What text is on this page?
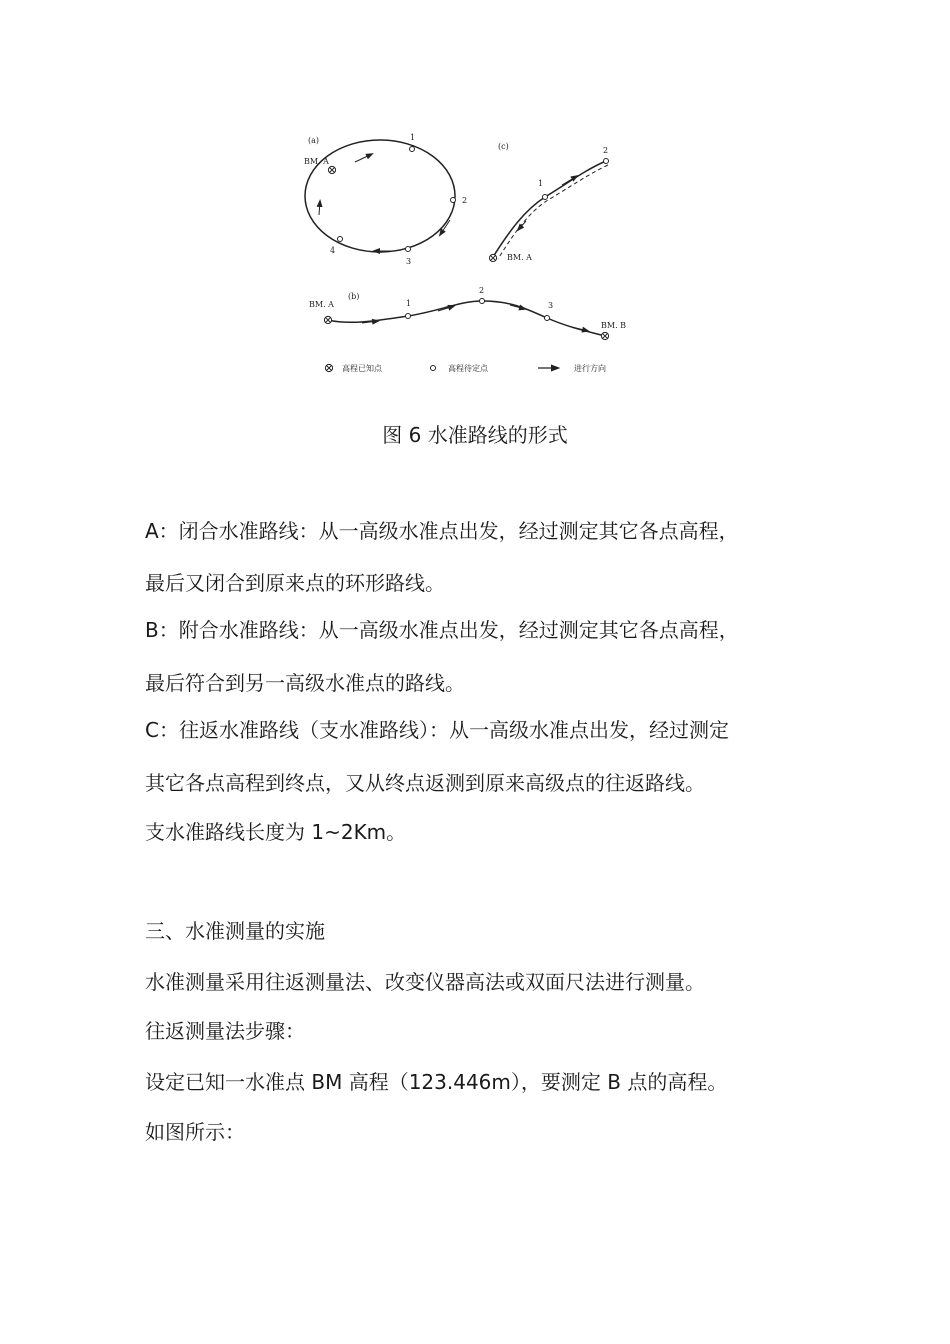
(a)
BM. A
1
2
3
4
(c)
BM. A
1
2
(b)
BM. A	1
2
3
BM. B
高程已知点	高程待定点	进行方向
图 6 水准路线的形式
A：闭合水准路线：从一高级水准点出发，经过测定其它各点高程，
最后又闭合到原来点的环形路线。
B：附合水准路线：从一高级水准点出发，经过测定其它各点高程，
最后符合到另一高级水准点的路线。
C：往返水准路线（支水准路线）：从一高级水准点出发，经过测定
其它各点高程到终点，又从终点返测到原来高级点的往返路线。
支水准路线长度为 1~2Km。
三、水准测量的实施
水准测量采用往返测量法、改变仪器高法或双面尺法进行测量。
往返测量法步骤：
设定已知一水准点 BM 高程（123.446m），要测定 B 点的高程。
如图所示：
